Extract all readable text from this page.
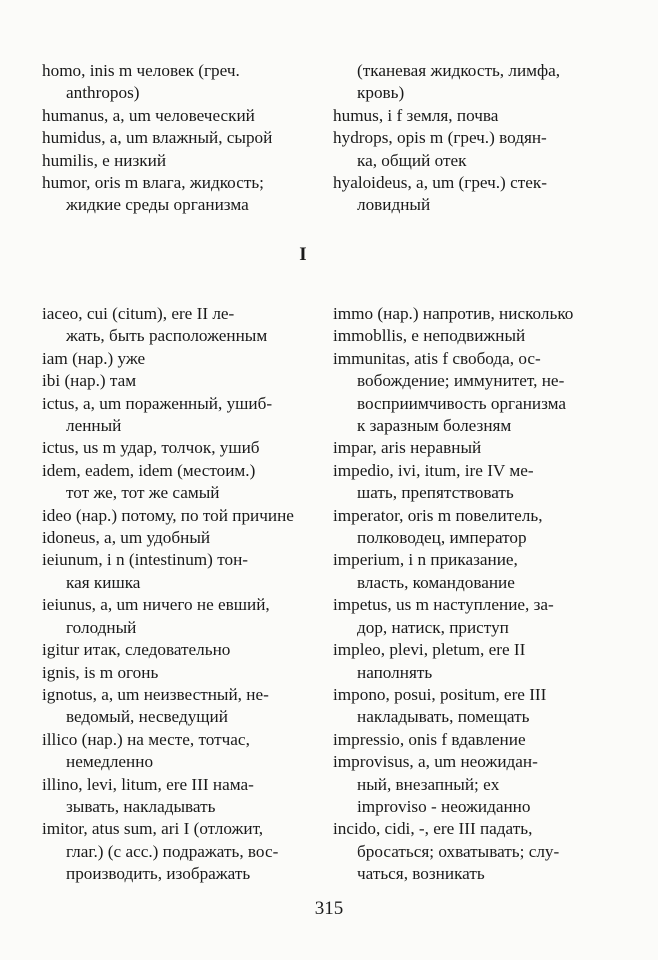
homo, inis m человек (греч.
anthropos)

humanus, a, um человеческий

humidus, a, um влажный, сырой

humilis, e низкий

humor, oris m влага, жидкость;
жидкие среды организма

iaceo, cui (citum), ere II ле-
жать, быть расположенным

iam (нар.) уже

ibi (нар.) там

ictus, a, um пораженный, ушиб-
ленный

ictus, us m удар, толчок, ушиб

idem, eadem, idem (местоим.)
тот же, тот же самый

ideo (нар.) потому, по той причине

idoneus, a, um удобный

ieiunum, i n (intestinum) тон-
кая кишка

ieiunus, a, um ничего не евший,
голодный

igitur итак, следовательно

ignis, is m огонь

ignotus, a, um неизвестный, не-
ведомый, несведущий

illico (нар.) на месте, тотчас,
немедленно

illino, levi, litum, ere III нама-
зывать, накладывать

imitor, atus sum, ari I (отложит,
глаг.) (с acc.) подражать, вос-
производить, изображать

(тканевая жидкость, лимфа,
кровь)

humus, i f земля, почва

hydrops, opis m (греч.) водян-
ка, общий отек

hyaloideus, a, um (греч.) стек-
ловидный

immo (нар.) напротив, нисколько

immobllis, e неподвижный

immunitas, atis f свобода, ос-
вобождение; иммунитет, не-
восприимчивость организма
к заразным болезням

impar, aris неравный

impedio, ivi, itum, ire IV ме-
шать, препятствовать

imperator, oris m повелитель,
полководец, император

imperium, i n приказание,
власть, командование

impetus, us m наступление, за-
дор, натиск, приступ

impleo, plevi, pletum, ere II
наполнять

impono, posui, positum, ere III
накладывать, помещать

impressio, onis f вдавление

improvisus, a, um неожидан-
ный, внезапный; ex
improviso - неожиданно

incido, cidi, -, ere III падать,
бросаться; охватывать; слу-
чаться, возникать

I
315
